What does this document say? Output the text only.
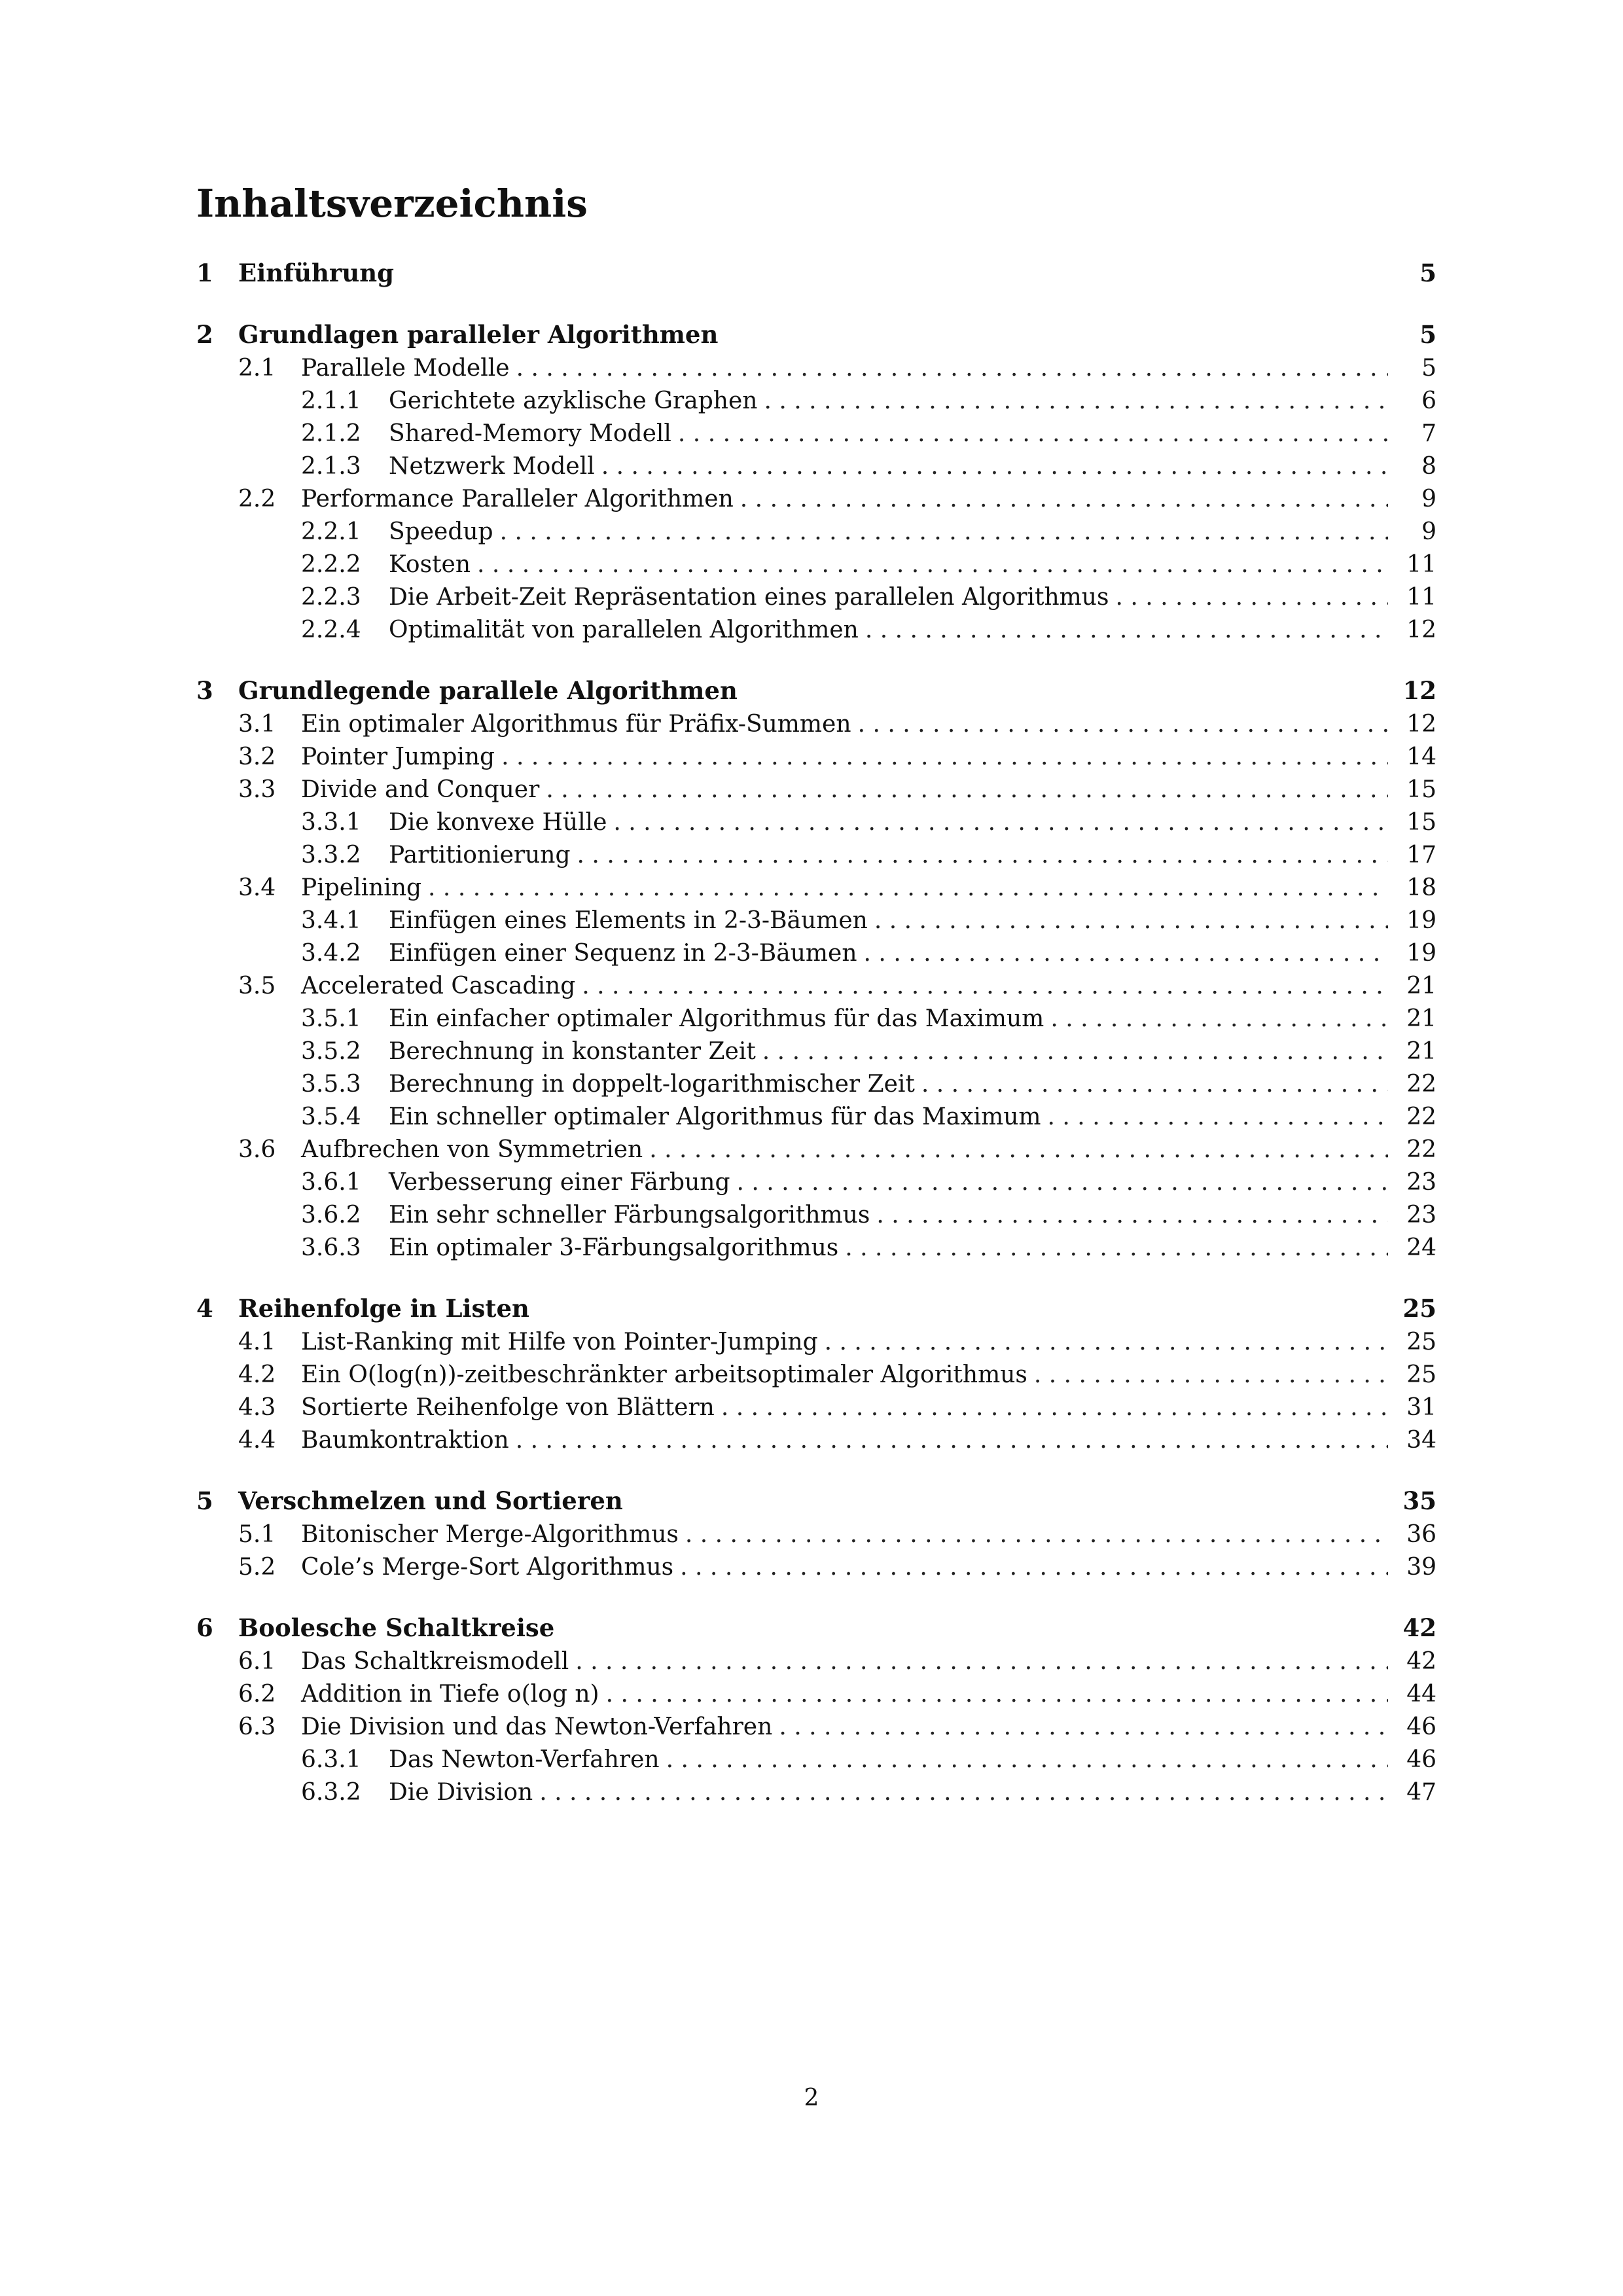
Inhaltsverzeichnis
1	Einführung	5
2	Grundlagen paralleler Algorithmen	5
2.1	Parallele Modelle . . .	5
2.1.1	Gerichtete azyklische Graphen . . .	6
2.1.2	Shared-Memory Modell . . .	7
2.1.3	Netzwerk Modell . . .	8
2.2	Performance Paralleler Algorithmen . . .	9
2.2.1	Speedup . . .	9
2.2.2	Kosten . . .	11
2.2.3	Die Arbeit-Zeit Repräsentation eines parallelen Algorithmus . . .	11
2.2.4	Optimalität von parallelen Algorithmen . . .	12
3	Grundlegende parallele Algorithmen	12
3.1	Ein optimaler Algorithmus für Präfix-Summen . . .	12
3.2	Pointer Jumping . . .	14
3.3	Divide and Conquer . . .	15
3.3.1	Die konvexe Hülle . . .	15
3.3.2	Partitionierung . . .	17
3.4	Pipelining . . .	18
3.4.1	Einfügen eines Elements in 2-3-Bäumen . . .	19
3.4.2	Einfügen einer Sequenz in 2-3-Bäumen . . .	19
3.5	Accelerated Cascading . . .	21
3.5.1	Ein einfacher optimaler Algorithmus für das Maximum . . .	21
3.5.2	Berechnung in konstanter Zeit . . .	21
3.5.3	Berechnung in doppelt-logarithmischer Zeit . . .	22
3.5.4	Ein schneller optimaler Algorithmus für das Maximum . . .	22
3.6	Aufbrechen von Symmetrien . . .	22
3.6.1	Verbesserung einer Färbung . . .	23
3.6.2	Ein sehr schneller Färbungsalgorithmus . . .	23
3.6.3	Ein optimaler 3-Färbungsalgorithmus . . .	24
4	Reihenfolge in Listen	25
4.1	List-Ranking mit Hilfe von Pointer-Jumping . . .	25
4.2	Ein O(log(n))-zeitbeschränkter arbeitsoptimaler Algorithmus . . .	25
4.3	Sortierte Reihenfolge von Blättern . . .	31
4.4	Baumkontraktion . . .	34
5	Verschmelzen und Sortieren	35
5.1	Bitonischer Merge-Algorithmus . . .	36
5.2	Cole’s Merge-Sort Algorithmus . . .	39
6	Boolesche Schaltkreise	42
6.1	Das Schaltkreismodell . . .	42
6.2	Addition in Tiefe o(log n) . . .	44
6.3	Die Division und das Newton-Verfahren . . .	46
6.3.1	Das Newton-Verfahren . . .	46
6.3.2	Die Division . . .	47
2
